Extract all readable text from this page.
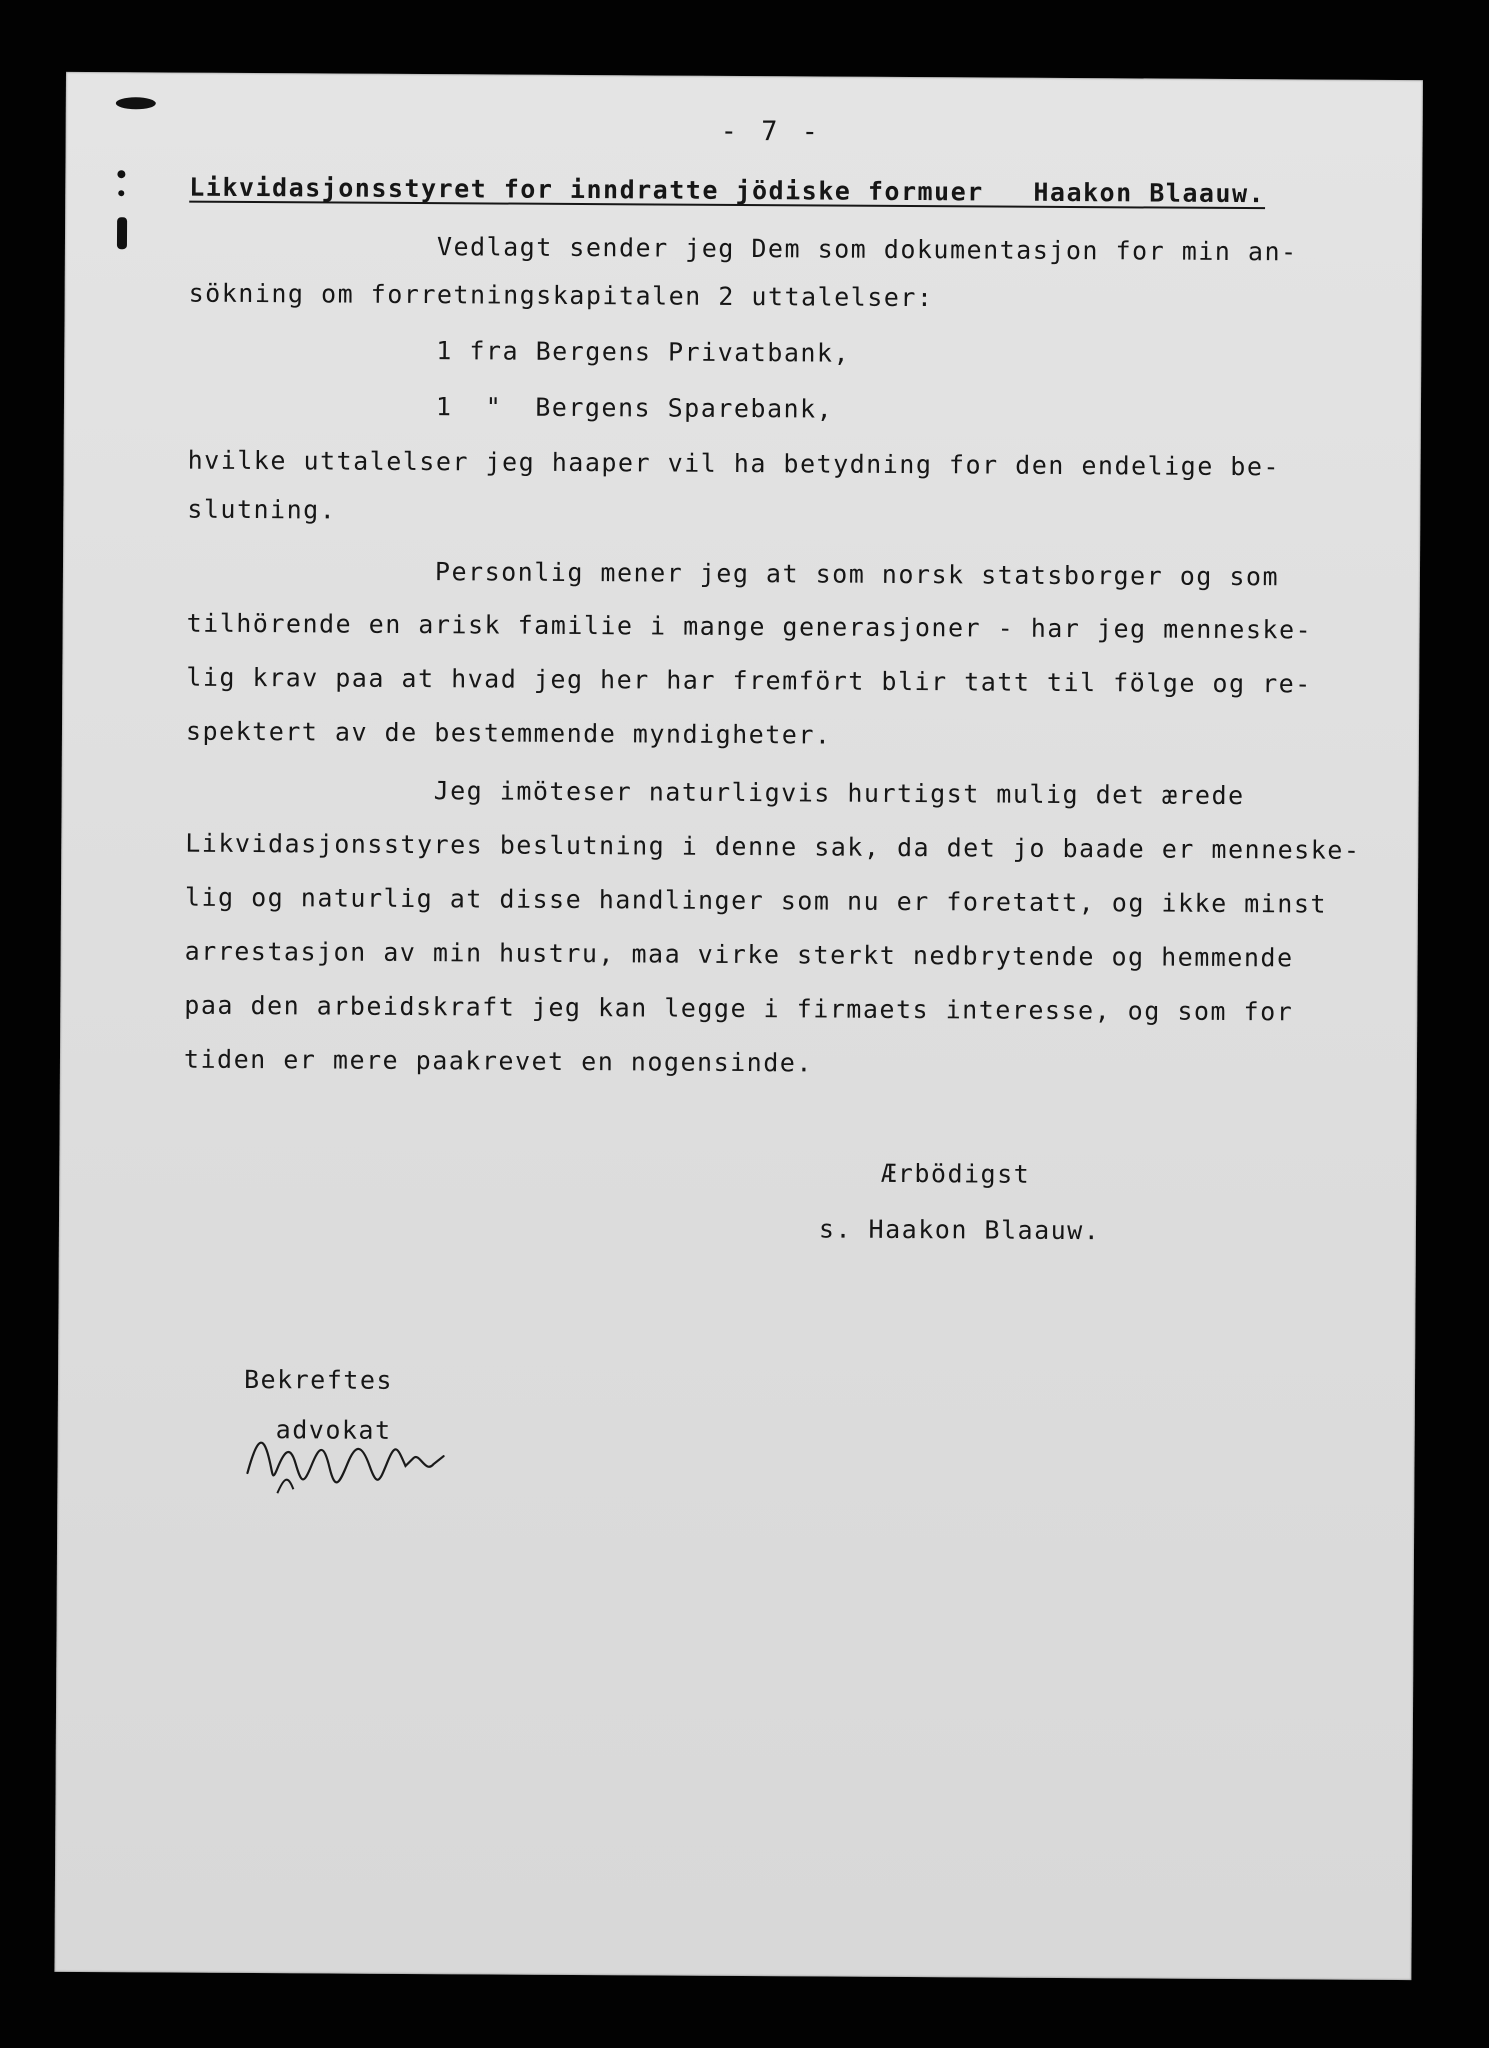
- 7 -
Likvidasjonsstyret for inndratte jödiske formuer   Haakon Blaauw.
Vedlagt sender jeg Dem som dokumentasjon for min an-
sökning om forretningskapitalen 2 uttalelser:
1 fra Bergens Privatbank,
1  "  Bergens Sparebank,
hvilke uttalelser jeg haaper vil ha betydning for den endelige be-
slutning.
Personlig mener jeg at som norsk statsborger og som
tilhörende en arisk familie i mange generasjoner - har jeg menneske-
lig krav paa at hvad jeg her har fremfört blir tatt til fölge og re-
spektert av de bestemmende myndigheter.
Jeg imöteser naturligvis hurtigst mulig det ærede
Likvidasjonsstyres beslutning i denne sak, da det jo baade er menneske-
lig og naturlig at disse handlinger som nu er foretatt, og ikke minst
arrestasjon av min hustru, maa virke sterkt nedbrytende og hemmende
paa den arbeidskraft jeg kan legge i firmaets interesse, og som for
tiden er mere paakrevet en nogensinde.
Ærbödigst
s. Haakon Blaauw.
Bekreftes
advokat
